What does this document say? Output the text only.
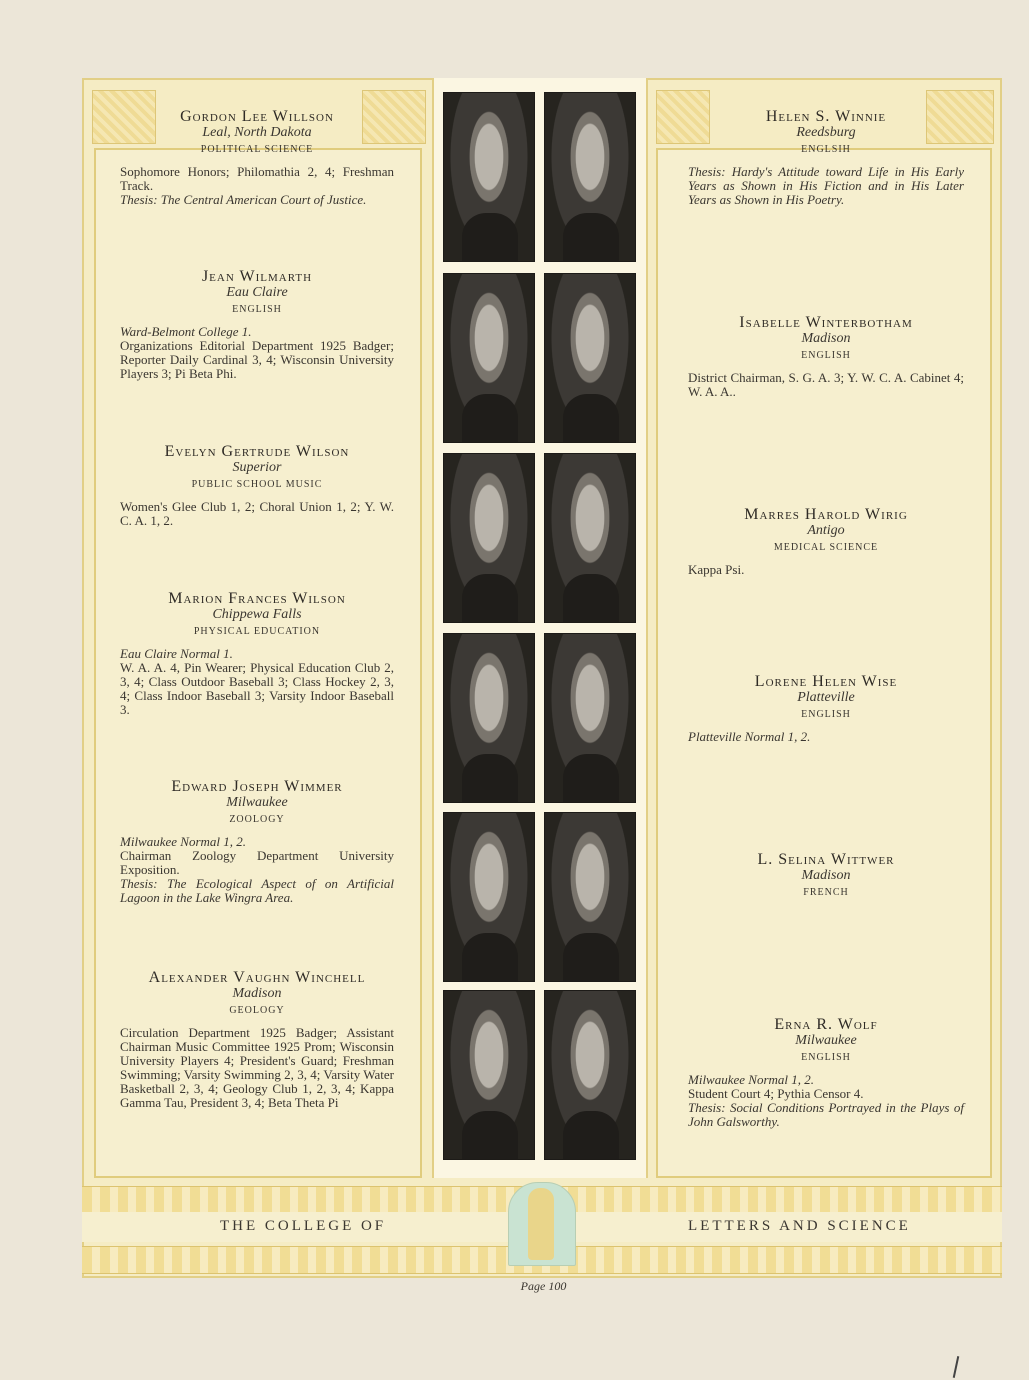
Gordon Lee Willson
Leal, North Dakota
POLITICAL SCIENCE
Sophomore Honors; Philomathia 2, 4; Freshman Track.
Thesis: The Central American Court of Justice.
Jean Wilmarth
Eau Claire
ENGLISH
Ward-Belmont College 1.
Organizations Editorial Department 1925 Badger; Reporter Daily Cardinal 3, 4; Wisconsin University Players 3; Pi Beta Phi.
Evelyn Gertrude Wilson
Superior
PUBLIC SCHOOL MUSIC
Women's Glee Club 1, 2; Choral Union 1, 2; Y. W. C. A. 1, 2.
Marion Frances Wilson
Chippewa Falls
PHYSICAL EDUCATION
Eau Claire Normal 1.
W. A. A. 4, Pin Wearer; Physical Education Club 2, 3, 4; Class Outdoor Baseball 3; Class Hockey 2, 3, 4; Class Indoor Baseball 3; Varsity Indoor Baseball 3.
Edward Joseph Wimmer
Milwaukee
ZOOLOGY
Milwaukee Normal 1, 2.
Chairman Zoology Department University Exposition.
Thesis: The Ecological Aspect of on Artificial Lagoon in the Lake Wingra Area.
Alexander Vaughn Winchell
Madison
GEOLOGY
Circulation Department 1925 Badger; Assistant Chairman Music Committee 1925 Prom; Wisconsin University Players 4; President's Guard; Freshman Swimming; Varsity Swimming 2, 3, 4; Varsity Water Basketball 2, 3, 4; Geology Club 1, 2, 3, 4; Kappa Gamma Tau, President 3, 4; Beta Theta Pi
Helen S. Winnie
Reedsburg
ENGLSIH
Thesis: Hardy's Attitude toward Life in His Early Years as Shown in His Fiction and in His Later Years as Shown in His Poetry.
Isabelle Winterbotham
Madison
ENGLISH
District Chairman, S. G. A. 3; Y. W. C. A. Cabinet 4; W. A. A..
Marres Harold Wirig
Antigo
MEDICAL SCIENCE
Kappa Psi.
Lorene Helen Wise
Platteville
ENGLISH
Platteville Normal 1, 2.
L. Selina Wittwer
Madison
FRENCH
Erna R. Wolf
Milwaukee
ENGLISH
Milwaukee Normal 1, 2.
Student Court 4; Pythia Censor 4.
Thesis: Social Conditions Portrayed in the Plays of John Galsworthy.
THE COLLEGE OF	LETTERS AND SCIENCE
Page 100
